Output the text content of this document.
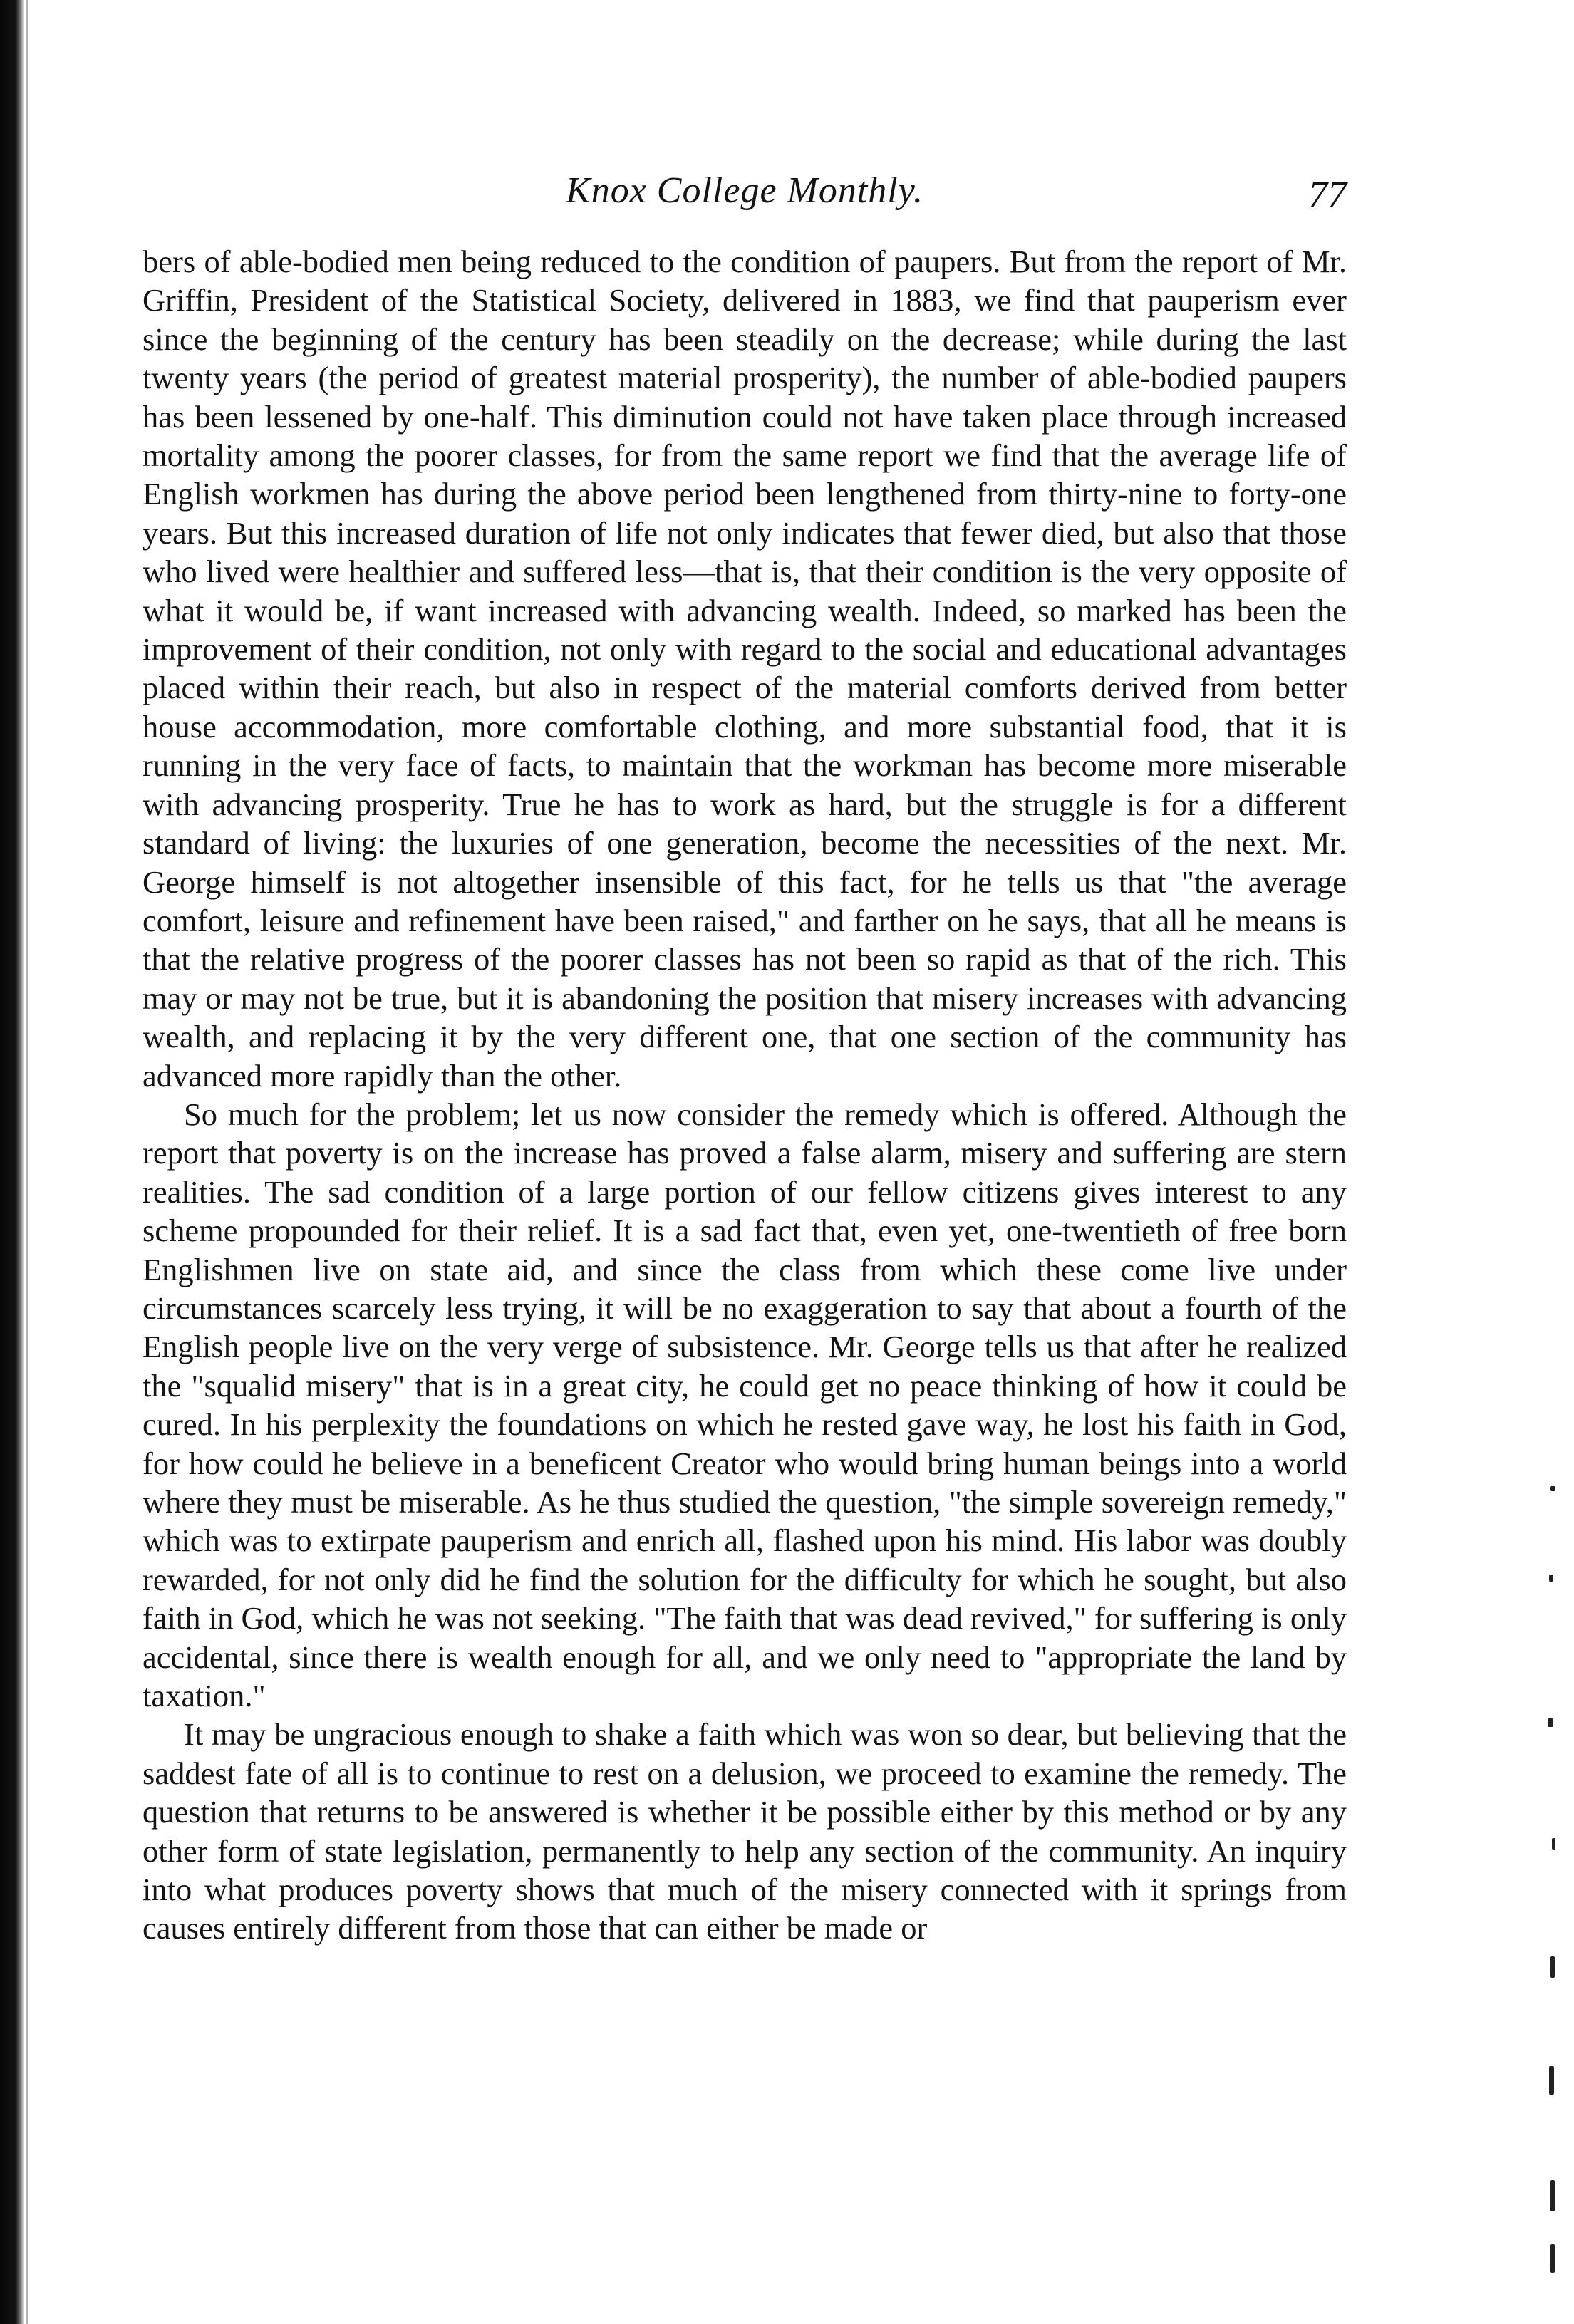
Knox College Monthly.	77

bers of able-bodied men being reduced to the condition of paupers. But from the report of Mr. Griffin, President of the Statistical Society, delivered in 1883, we find that pauperism ever since the beginning of the century has been steadily on the decrease; while during the last twenty years (the period of greatest material prosperity), the number of able-bodied paupers has been lessened by one-half. This diminution could not have taken place through increased mortality among the poorer classes, for from the same report we find that the average life of English workmen has during the above period been lengthened from thirty-nine to forty-one years. But this increased duration of life not only indicates that fewer died, but also that those who lived were healthier and suffered less—that is, that their condition is the very opposite of what it would be, if want increased with advancing wealth. Indeed, so marked has been the improvement of their condition, not only with regard to the social and educational advantages placed within their reach, but also in respect of the material comforts derived from better house accommodation, more comfortable clothing, and more substantial food, that it is running in the very face of facts, to maintain that the workman has become more miserable with advancing prosperity. True he has to work as hard, but the struggle is for a different standard of living: the luxuries of one generation, become the necessities of the next. Mr. George himself is not altogether insensible of this fact, for he tells us that "the average comfort, leisure and refinement have been raised," and farther on he says, that all he means is that the relative progress of the poorer classes has not been so rapid as that of the rich. This may or may not be true, but it is abandoning the position that misery increases with advancing wealth, and replacing it by the very different one, that one section of the community has advanced more rapidly than the other.

So much for the problem; let us now consider the remedy which is offered. Although the report that poverty is on the increase has proved a false alarm, misery and suffering are stern realities. The sad condition of a large portion of our fellow citizens gives interest to any scheme propounded for their relief. It is a sad fact that, even yet, one-twentieth of free born Englishmen live on state aid, and since the class from which these come live under circumstances scarcely less trying, it will be no exaggeration to say that about a fourth of the English people live on the very verge of subsistence. Mr. George tells us that after he realized the "squalid misery" that is in a great city, he could get no peace thinking of how it could be cured. In his perplexity the foundations on which he rested gave way, he lost his faith in God, for how could he believe in a beneficent Creator who would bring human beings into a world where they must be miserable. As he thus studied the question, "the simple sovereign remedy," which was to extirpate pauperism and enrich all, flashed upon his mind. His labor was doubly rewarded, for not only did he find the solution for the difficulty for which he sought, but also faith in God, which he was not seeking. "The faith that was dead revived," for suffering is only accidental, since there is wealth enough for all, and we only need to "appropriate the land by taxation."

It may be ungracious enough to shake a faith which was won so dear, but believing that the saddest fate of all is to continue to rest on a delusion, we proceed to examine the remedy. The question that returns to be answered is whether it be possible either by this method or by any other form of state legislation, permanently to help any section of the community. An inquiry into what produces poverty shows that much of the misery connected with it springs from causes entirely different from those that can either be made or
